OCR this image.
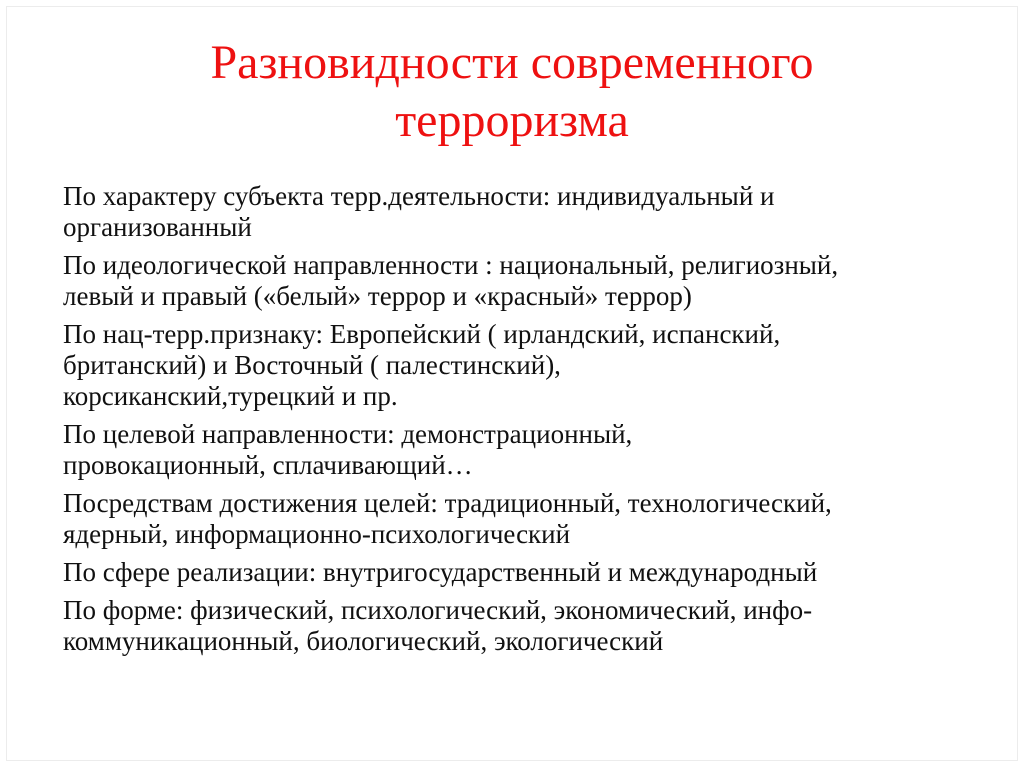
Разновидности современного
терроризма
По характеру субъекта терр.деятельности: индивидуальный и
организованный
По идеологической направленности : национальный, религиозный,
левый и правый («белый» террор и «красный» террор)
По нац-терр.признаку: Европейский ( ирландский, испанский,
британский) и Восточный ( палестинский),
корсиканский,турецкий и пр.
По целевой направленности: демонстрационный,
провокационный, сплачивающий…
Посредствам достижения целей: традиционный, технологический,
ядерный, информационно-психологический
По сфере реализации: внутригосударственный и международный
По форме: физический, психологический, экономический, инфо-
коммуникационный, биологический, экологический
